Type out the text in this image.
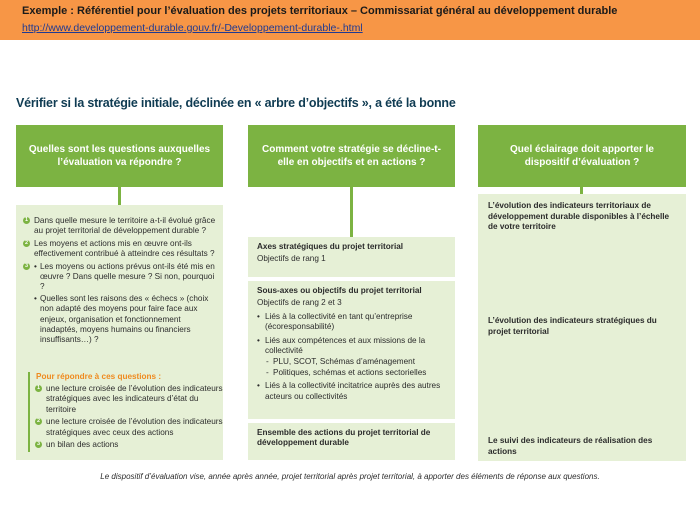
Exemple : Référentiel pour l’évaluation des projets territoriaux – Commissariat général au développement durable
http://www.developpement-durable.gouv.fr/-Developpement-durable-.html
Vérifier si la stratégie initiale, déclinée en « arbre d’objectifs », a été la bonne
Quelles sont les questions auxquelles l’évaluation va répondre ?
Comment votre stratégie se décline-t-elle en objectifs et en actions ?
Quel éclairage doit apporter le dispositif d’évaluation ?
1 Dans quelle mesure le territoire a-t-il évolué grâce au projet territorial de développement durable ?
2 Les moyens et actions mis en œuvre ont-ils effectivement contribué à atteindre ces résultats ?
3
•	Les moyens ou actions prévus ont-ils été mis en œuvre ? Dans quelle mesure ? Si non, pourquoi ?
• Quelles sont les raisons des « échecs » (choix non adapté des moyens pour faire face aux enjeux, organisation et fonctionnement inadaptés, moyens humains ou financiers insuffisants…) ?
Pour répondre à ces questions :
1 une lecture croisée de l’évolution des indicateurs stratégiques avec les indicateurs d’état du territoire
2 une lecture croisée de l’évolution des indicateurs stratégiques avec ceux des actions
3 un bilan des actions
Axes stratégiques du projet territorial
Objectifs de rang 1
Sous-axes ou objectifs du projet territorial
Objectifs de rang 2 et 3
• Liés à la collectivité en tant qu’entreprise (écoresponsabilité)
• Liés aux compétences et aux missions de la collectivité
- PLU, SCOT, Schémas d’aménagement
- Politiques, schémas et actions sectorielles
• Liés à la collectivité incitatrice auprès des autres acteurs ou collectivités
Ensemble des actions du projet territorial de développement durable
L’évolution des indicateurs territoriaux de développement durable disponibles à l’échelle de votre territoire
L’évolution des indicateurs stratégiques du projet territorial
Le suivi des indicateurs de réalisation des actions
Le dispositif d’évaluation vise, année après année, projet territorial après projet territorial, à apporter des éléments de réponse aux questions.
